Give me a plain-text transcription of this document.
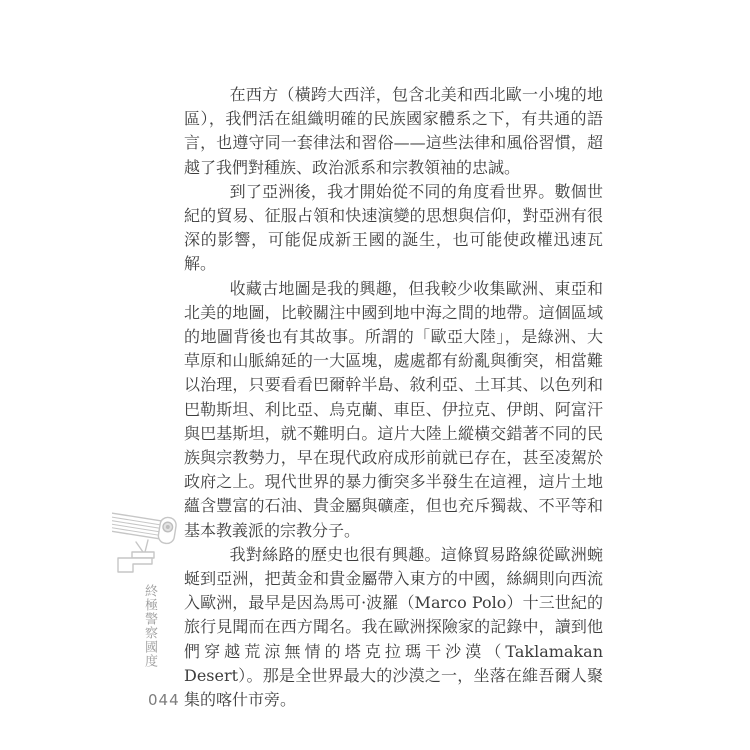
在西方（橫跨大西洋，包含北美和西北歐一小塊的地區），我們活在組織明確的民族國家體系之下，有共通的語言，也遵守同一套律法和習俗——這些法律和風俗習慣，超越了我們對種族、政治派系和宗教領袖的忠誠。

到了亞洲後，我才開始從不同的角度看世界。數個世紀的貿易、征服占領和快速演變的思想與信仰，對亞洲有很深的影響，可能促成新王國的誕生，也可能使政權迅速瓦解。

收藏古地圖是我的興趣，但我較少收集歐洲、東亞和北美的地圖，比較關注中國到地中海之間的地帶。這個區域的地圖背後也有其故事。所謂的「歐亞大陸」，是綠洲、大草原和山脈綿延的一大區塊，處處都有紛亂與衝突，相當難以治理，只要看看巴爾幹半島、敘利亞、土耳其、以色列和巴勒斯坦、利比亞、烏克蘭、車臣、伊拉克、伊朗、阿富汗與巴基斯坦，就不難明白。這片大陸上縱橫交錯著不同的民族與宗教勢力，早在現代政府成形前就已存在，甚至凌駕於政府之上。現代世界的暴力衝突多半發生在這裡，這片土地蘊含豐富的石油、貴金屬與礦產，但也充斥獨裁、不平等和基本教義派的宗教分子。

我對絲路的歷史也很有興趣。這條貿易路線從歐洲蜿蜒到亞洲，把黃金和貴金屬帶入東方的中國，絲綢則向西流入歐洲，最早是因為馬可·波羅（Marco Polo）十三世紀的旅行見聞而在西方聞名。我在歐洲探險家的記錄中，讀到他們穿越荒涼無情的塔克拉瑪干沙漠（Taklamakan Desert）。那是全世界最大的沙漠之一，坐落在維吾爾人聚集的喀什市旁。

終極警察國度
044
